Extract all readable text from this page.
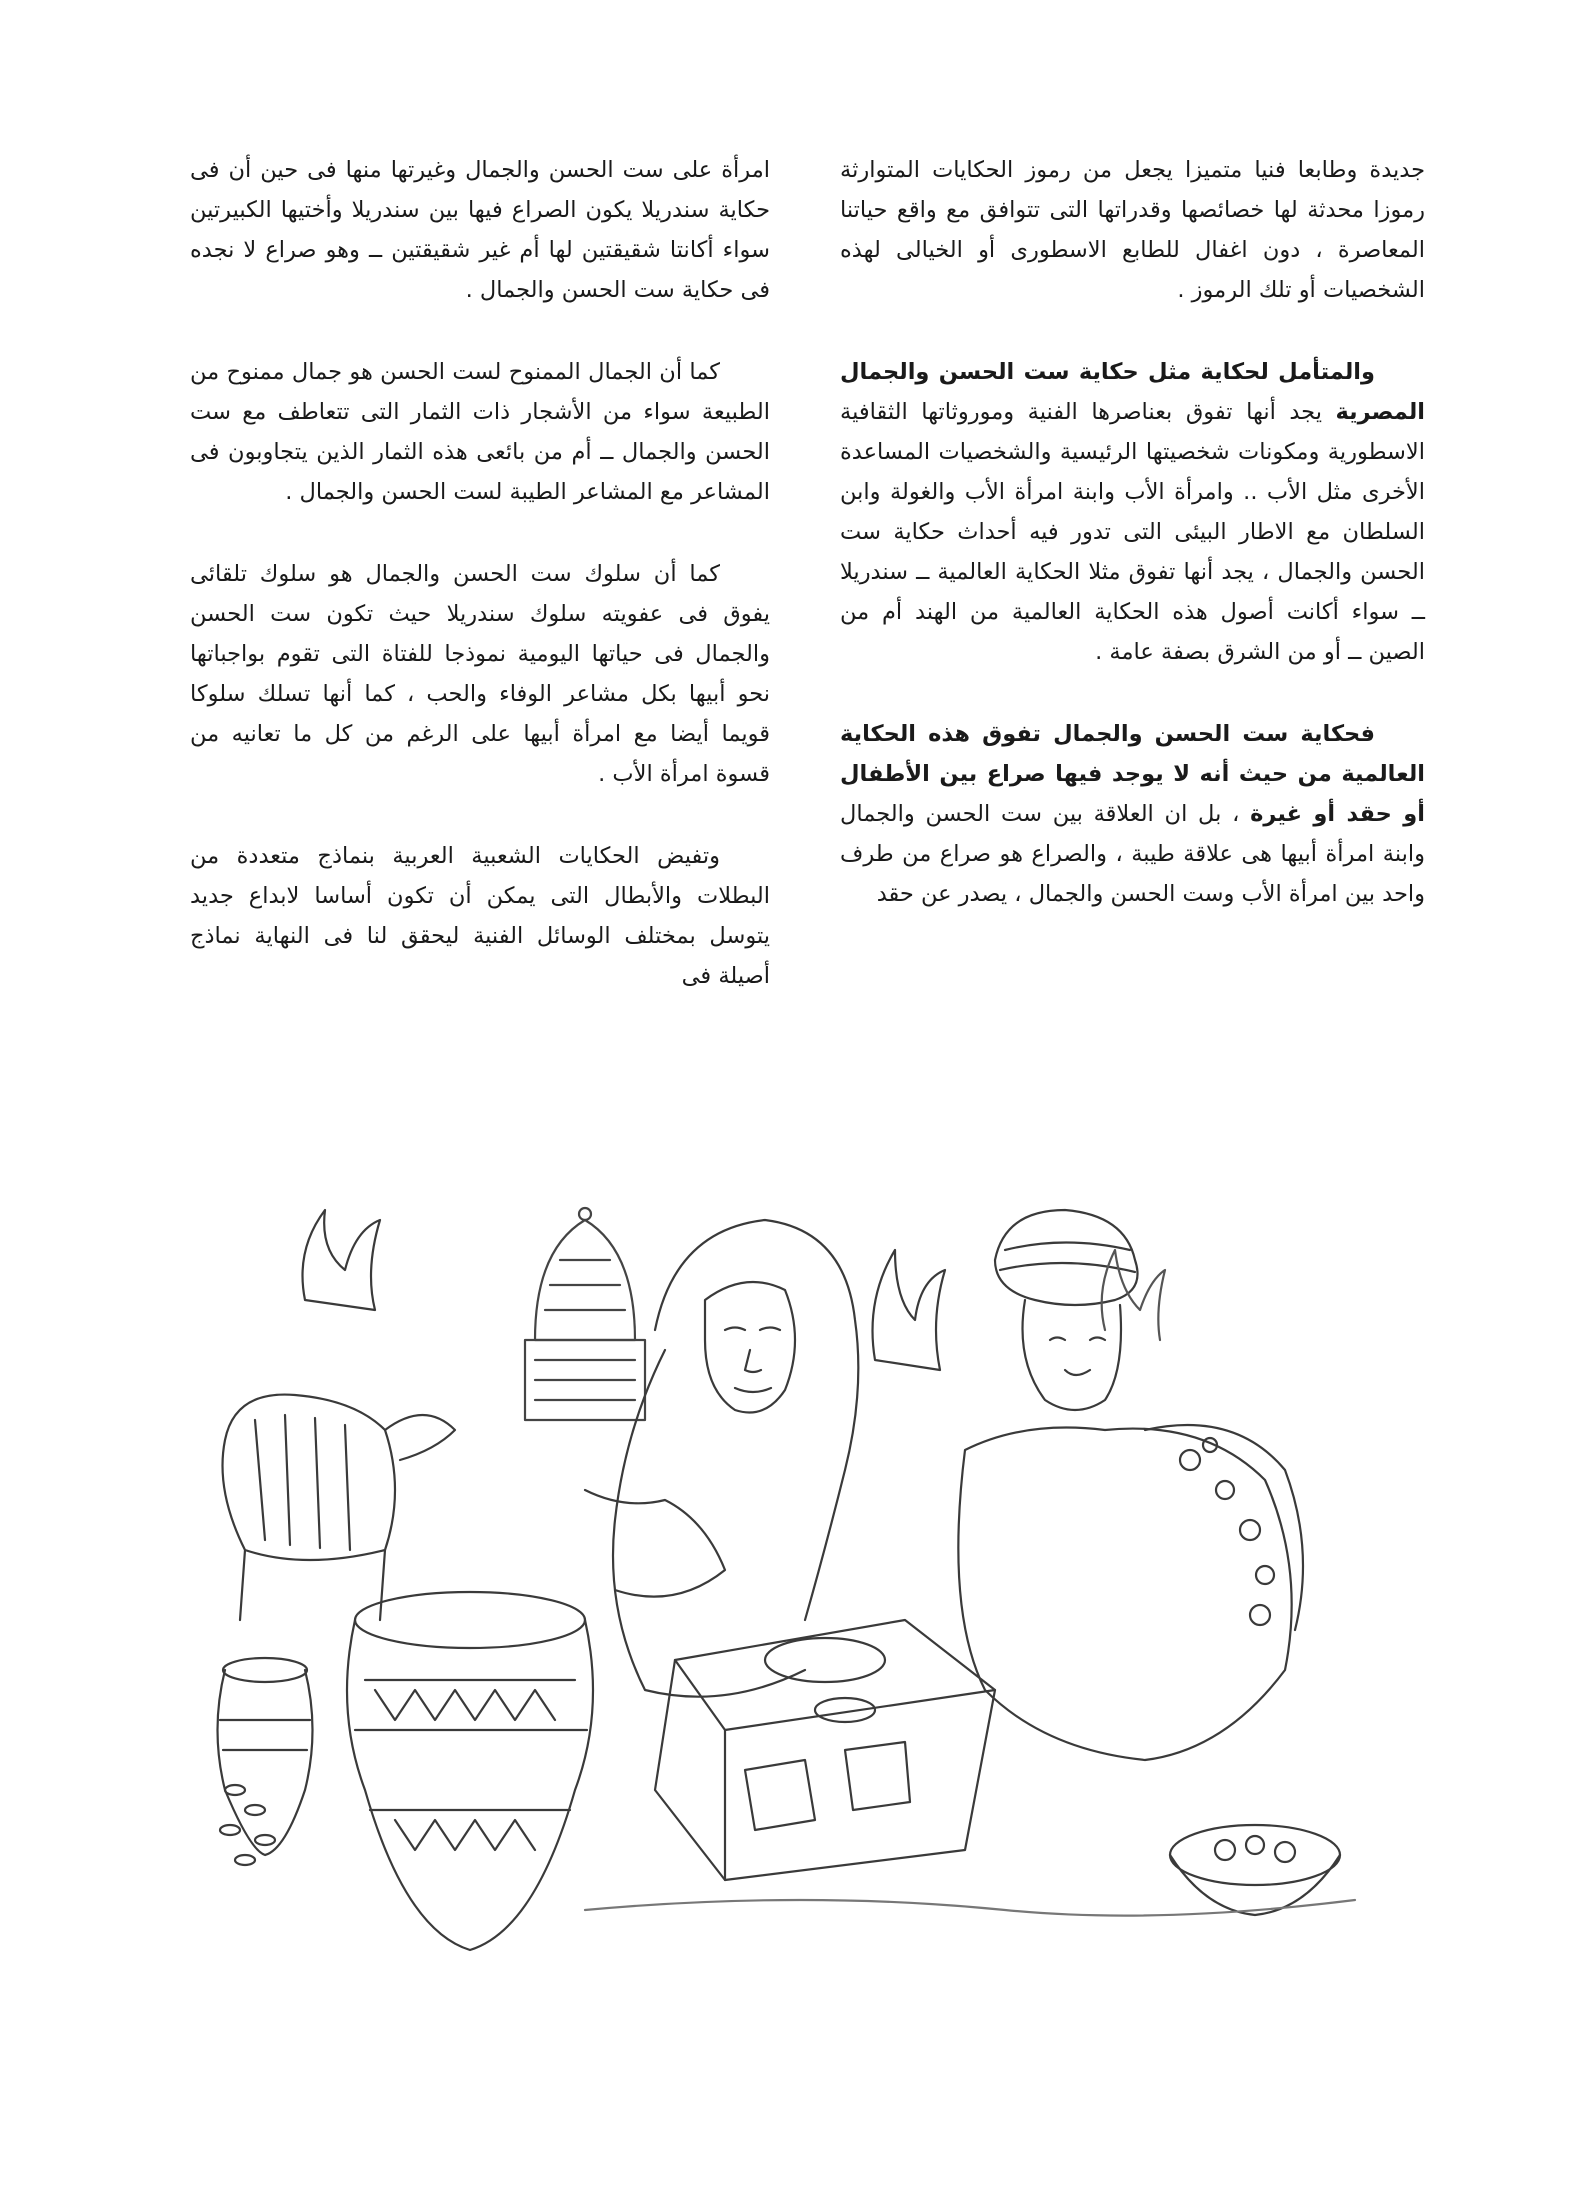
جديدة وطابعا فنيا متميزا يجعل من رموز الحكايات المتوارثة رموزا محدثة لها خصائصها وقدراتها التى تتوافق مع واقع حياتنا المعاصرة ، دون اغفال للطابع الاسطورى أو الخيالى لهذه الشخصيات أو تلك الرموز .

والمتأمل لحكاية مثل حكاية ست الحسن والجمال المصرية يجد أنها تفوق بعناصرها الفنية وموروثاتها الثقافية الاسطورية ومكونات شخصيتها الرئيسية والشخصيات المساعدة الأخرى مثل الأب .. وامرأة الأب وابنة امرأة الأب والغولة وابن السلطان مع الاطار البيئى التى تدور فيه أحداث حكاية ست الحسن والجمال ، يجد أنها تفوق مثلا الحكاية العالمية ــ سندريلا ــ سواء أكانت أصول هذه الحكاية العالمية من الهند أم من الصين ــ أو من الشرق بصفة عامة .

فحكاية ست الحسن والجمال تفوق هذه الحكاية العالمية من حيث أنه لا يوجد فيها صراع بين الأطفال أو حقد أو غيرة ، بل ان العلاقة بين ست الحسن والجمال وابنة امرأة أبيها هى علاقة طيبة ، والصراع هو صراع من طرف واحد بين امرأة الأب وست الحسن والجمال ، يصدر عن حقد

امرأة على ست الحسن والجمال وغيرتها منها فى حين أن فى حكاية سندريلا يكون الصراع فيها بين سندريلا وأختيها الكبيرتين سواء أكانتا شقيقتين لها أم غير شقيقتين ــ وهو صراع لا نجده فى حكاية ست الحسن والجمال .

كما أن الجمال الممنوح لست الحسن هو جمال ممنوح من الطبيعة سواء من الأشجار ذات الثمار التى تتعاطف مع ست الحسن والجمال ــ أم من بائعى هذه الثمار الذين يتجاوبون فى المشاعر مع المشاعر الطيبة لست الحسن والجمال .

كما أن سلوك ست الحسن والجمال هو سلوك تلقائى يفوق فى عفويته سلوك سندريلا حيث تكون ست الحسن والجمال فى حياتها اليومية نموذجا للفتاة التى تقوم بواجباتها نحو أبيها بكل مشاعر الوفاء والحب ، كما أنها تسلك سلوكا قويما أيضا مع امرأة أبيها على الرغم من كل ما تعانيه من قسوة امرأة الأب .

وتفيض الحكايات الشعبية العربية بنماذج متعددة من البطلات والأبطال التى يمكن أن تكون أساسا لابداع جديد يتوسل بمختلف الوسائل الفنية ليحقق لنا فى النهاية نماذج أصيلة فى
